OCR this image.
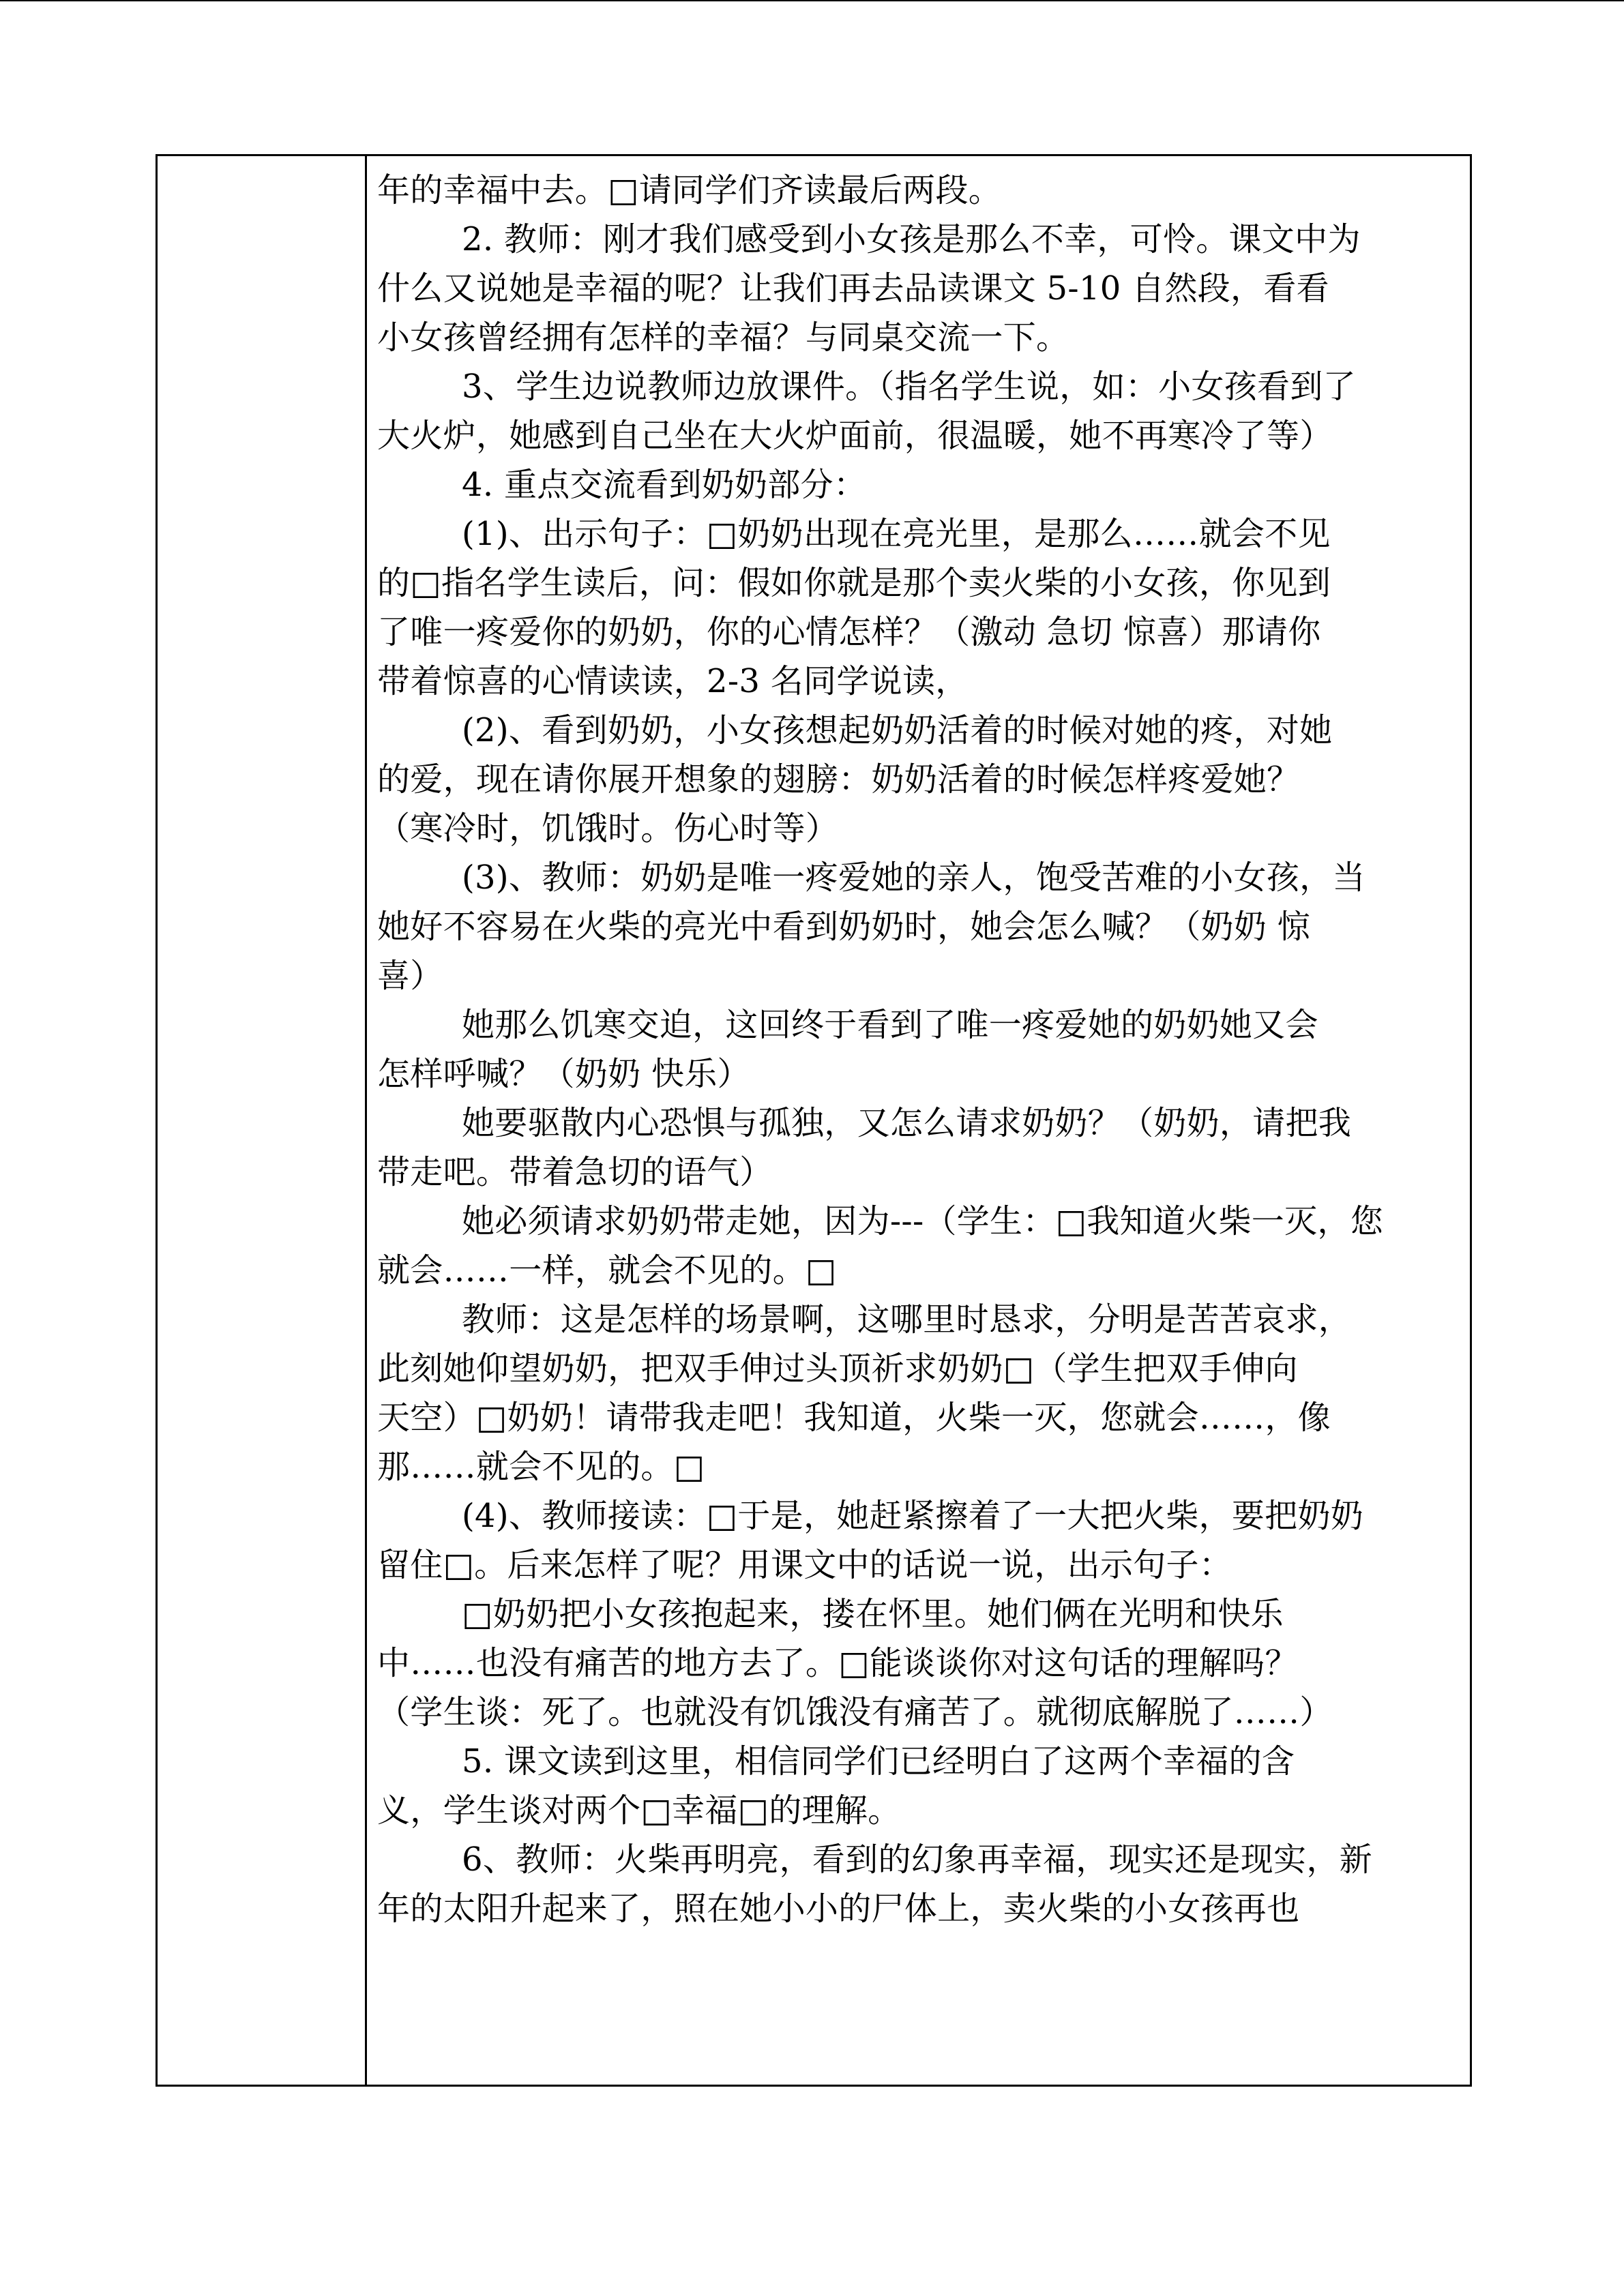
年的幸福中去。□请同学们齐读最后两段。
2. 教师：刚才我们感受到小女孩是那么不幸，可怜。课文中为
什么又说她是幸福的呢？让我们再去品读课文 5-10 自然段，看看
小女孩曾经拥有怎样的幸福？与同桌交流一下。
3、学生边说教师边放课件。（指名学生说，如：小女孩看到了
大火炉，她感到自己坐在大火炉面前，很温暖，她不再寒冷了等）
4. 重点交流看到奶奶部分：
(1)、出示句子：□奶奶出现在亮光里，是那么……就会不见
的□指名学生读后，问：假如你就是那个卖火柴的小女孩，你见到
了唯一疼爱你的奶奶，你的心情怎样？（激动 急切 惊喜）那请你
带着惊喜的心情读读，2-3 名同学说读，
(2)、看到奶奶，小女孩想起奶奶活着的时候对她的疼，对她
的爱，现在请你展开想象的翅膀：奶奶活着的时候怎样疼爱她？
（寒冷时，饥饿时。伤心时等）
(3)、教师：奶奶是唯一疼爱她的亲人，饱受苦难的小女孩，当
她好不容易在火柴的亮光中看到奶奶时，她会怎么喊？（奶奶 惊
喜）
她那么饥寒交迫，这回终于看到了唯一疼爱她的奶奶她又会
怎样呼喊？（奶奶 快乐）
她要驱散内心恐惧与孤独，又怎么请求奶奶？（奶奶，请把我
带走吧。带着急切的语气）
她必须请求奶奶带走她，因为---（学生：□我知道火柴一灭，您
就会……一样，就会不见的。□
教师：这是怎样的场景啊，这哪里时恳求，分明是苦苦哀求，
此刻她仰望奶奶，把双手伸过头顶祈求奶奶□（学生把双手伸向
天空）□奶奶！请带我走吧！我知道，火柴一灭，您就会……，像
那……就会不见的。□
(4)、教师接读：□于是，她赶紧擦着了一大把火柴，要把奶奶
留住□。后来怎样了呢？用课文中的话说一说，出示句子：
□奶奶把小女孩抱起来，搂在怀里。她们俩在光明和快乐
中……也没有痛苦的地方去了。□能谈谈你对这句话的理解吗？
（学生谈：死了。也就没有饥饿没有痛苦了。就彻底解脱了……）
5. 课文读到这里，相信同学们已经明白了这两个幸福的含
义，学生谈对两个□幸福□的理解。
6、教师：火柴再明亮，看到的幻象再幸福，现实还是现实，新
年的太阳升起来了，照在她小小的尸体上，卖火柴的小女孩再也
